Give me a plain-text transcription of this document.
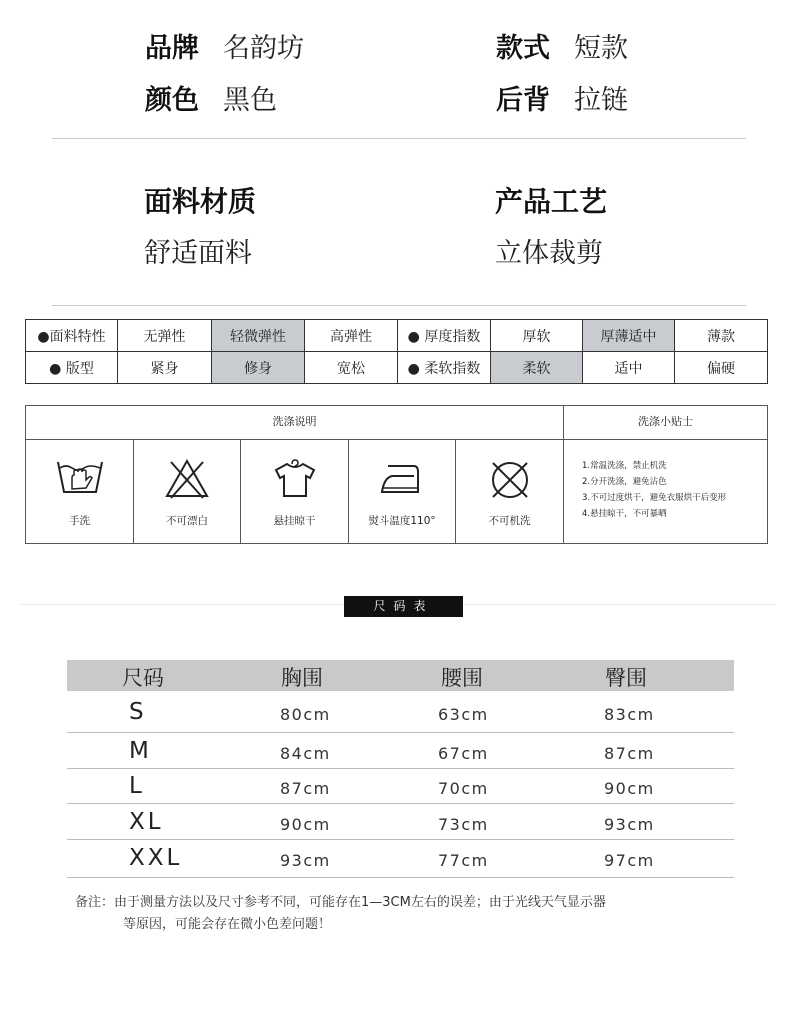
品牌 名韵坊	款式 短款
颜色 黑色	后背 拉链
面料材质
舒适面料
产品工艺
立体裁剪
●面料特性	无弹性	轻微弹性	高弹性	● 厚度指数	厚软	厚薄适中	薄款
● 版型	紧身	修身	宽松	● 柔软指数	柔软	适中	偏硬
洗涤说明	洗涤小贴士
手洗	不可漂白	悬挂晾干	熨斗温度110°	不可机洗
1.常温洗涤，禁止机洗
2.分开洗涤，避免沾色
3.不可过度烘干，避免衣服烘干后变形
4.悬挂晾干，不可暴晒
尺码表
尺码	胸围	腰围	臀围
S	80cm	63cm	83cm
M	84cm	67cm	87cm
L	87cm	70cm	90cm
XL	90cm	73cm	93cm
XXL	93cm	77cm	97cm
备注：由于测量方法以及尺寸参考不同，可能存在1—3CM左右的误差；由于光线天气显示器
等原因，可能会存在微小色差问题！
